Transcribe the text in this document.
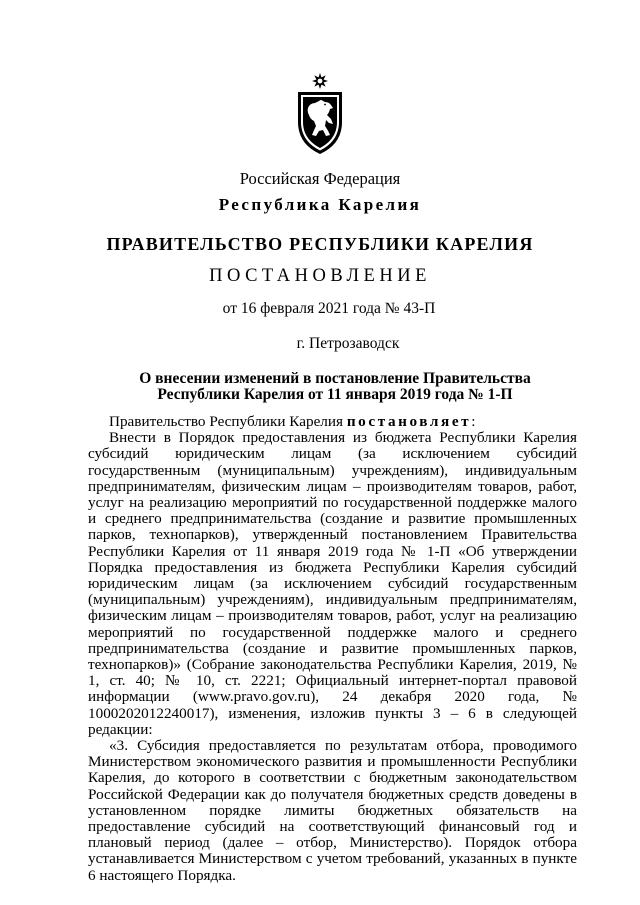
Российская Федерация
Республика Карелия
ПРАВИТЕЛЬСТВО РЕСПУБЛИКИ КАРЕЛИЯ
ПОСТАНОВЛЕНИЕ
от 16 февраля 2021 года № 43-П
г. Петрозаводск
О внесении изменений в постановление Правительства
Республики Карелия от 11 января 2019 года № 1-П

Правительство Республики Карелия постановляет:

Внести в Порядок предоставления из бюджета Республики Карелия субсидий юридическим лицам (за исключением субсидий государственным (муниципальным) учреждениям), индивидуальным предпринимателям, физическим лицам – производителям товаров, работ, услуг на реализацию мероприятий по государственной поддержке малого и среднего предпринимательства (создание и развитие промышленных парков, технопарков), утвержденный постановлением Правительства Республики Карелия от 11 января 2019 года № 1-П «Об утверждении Порядка предоставления из бюджета Республики Карелия субсидий юридическим лицам (за исключением субсидий государственным (муниципальным) учреждениям), индивидуальным предпринимателям, физическим лицам – производителям товаров, работ, услуг на реализацию мероприятий по государственной поддержке малого и среднего предпринимательства (создание и развитие промышленных парков, технопарков)» (Собрание законодательства Республики Карелия, 2019, № 1, ст. 40; № 10, ст. 2221; Официальный интернет-портал правовой информации (www.pravo.gov.ru), 24 декабря 2020 года, № 1000202012240017), изменения, изложив пункты 3 – 6 в следующей редакции:

«3. Субсидия предоставляется по результатам отбора, проводимого Министерством экономического развития и промышленности Республики Карелия, до которого в соответствии с бюджетным законодательством Российской Федерации как до получателя бюджетных средств доведены в установленном порядке лимиты бюджетных обязательств на предоставление субсидий на соответствующий финансовый год и плановый период (далее – отбор, Министерство). Порядок отбора устанавливается Министерством с учетом требований, указанных в пункте 6 настоящего Порядка.
